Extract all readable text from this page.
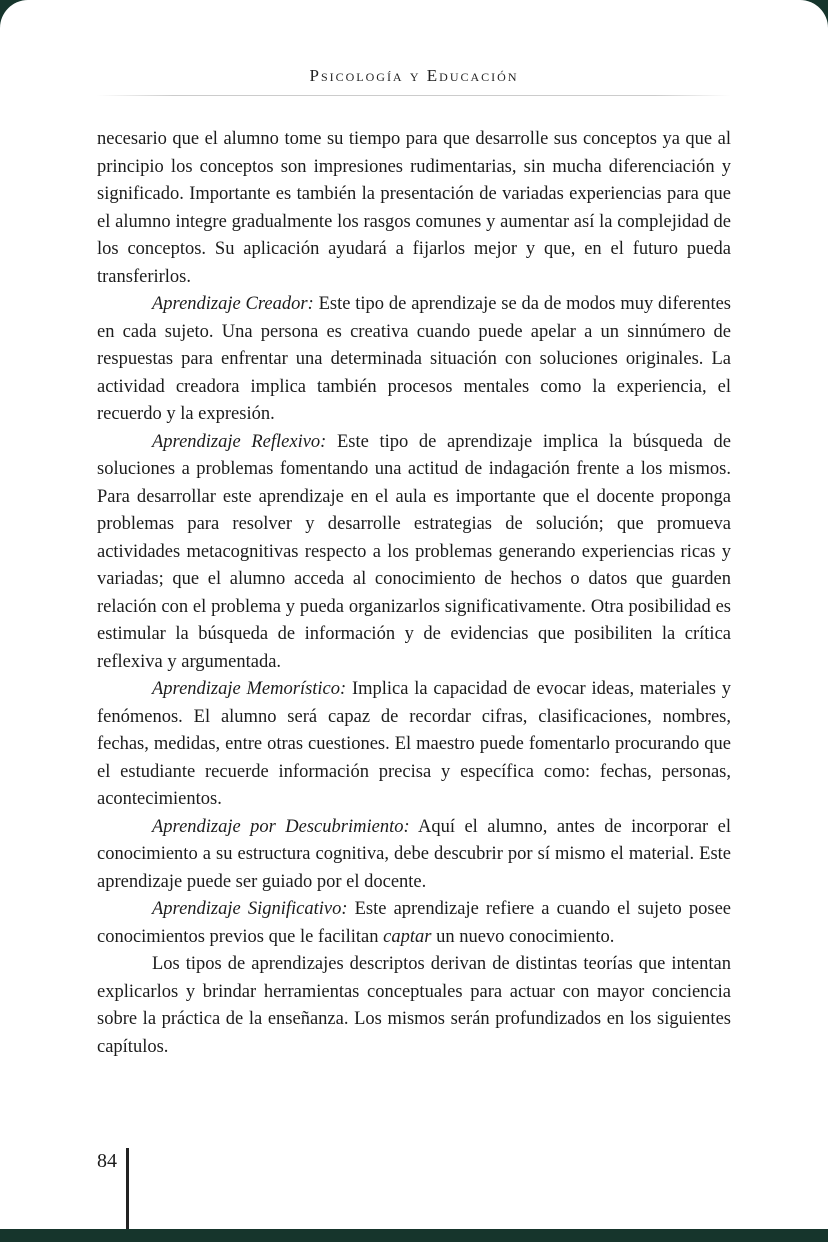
Psicología y Educación

necesario que el alumno tome su tiempo para que desarrolle sus conceptos ya que al principio los conceptos son impresiones rudimentarias, sin mucha diferenciación y significado. Importante es también la presentación de variadas experiencias para que el alumno integre gradualmente los rasgos comunes y aumentar así la complejidad de los conceptos. Su aplicación ayudará a fijarlos mejor y que, en el futuro pueda transferirlos.

Aprendizaje Creador: Este tipo de aprendizaje se da de modos muy diferentes en cada sujeto. Una persona es creativa cuando puede apelar a un sinnúmero de respuestas para enfrentar una determinada situación con soluciones originales. La actividad creadora implica también procesos mentales como la experiencia, el recuerdo y la expresión.

Aprendizaje Reflexivo: Este tipo de aprendizaje implica la búsqueda de soluciones a problemas fomentando una actitud de indagación frente a los mismos. Para desarrollar este aprendizaje en el aula es importante que el docente proponga problemas para resolver y desarrolle estrategias de solución; que promueva actividades metacognitivas respecto a los problemas generando experiencias ricas y variadas; que el alumno acceda al conocimiento de hechos o datos que guarden relación con el problema y pueda organizarlos significativamente. Otra posibilidad es estimular la búsqueda de información y de evidencias que posibiliten la crítica reflexiva y argumentada.

Aprendizaje Memorístico: Implica la capacidad de evocar ideas, materiales y fenómenos. El alumno será capaz de recordar cifras, clasificaciones, nombres, fechas, medidas, entre otras cuestiones. El maestro puede fomentarlo procurando que el estudiante recuerde información precisa y específica como: fechas, personas, acontecimientos.

Aprendizaje por Descubrimiento: Aquí el alumno, antes de incorporar el conocimiento a su estructura cognitiva, debe descubrir por sí mismo el material. Este aprendizaje puede ser guiado por el docente.

Aprendizaje Significativo: Este aprendizaje refiere a cuando el sujeto posee conocimientos previos que le facilitan captar un nuevo conocimiento.

Los tipos de aprendizajes descriptos derivan de distintas teorías que intentan explicarlos y brindar herramientas conceptuales para actuar con mayor conciencia sobre la práctica de la enseñanza. Los mismos serán profundizados en los siguientes capítulos.

84
